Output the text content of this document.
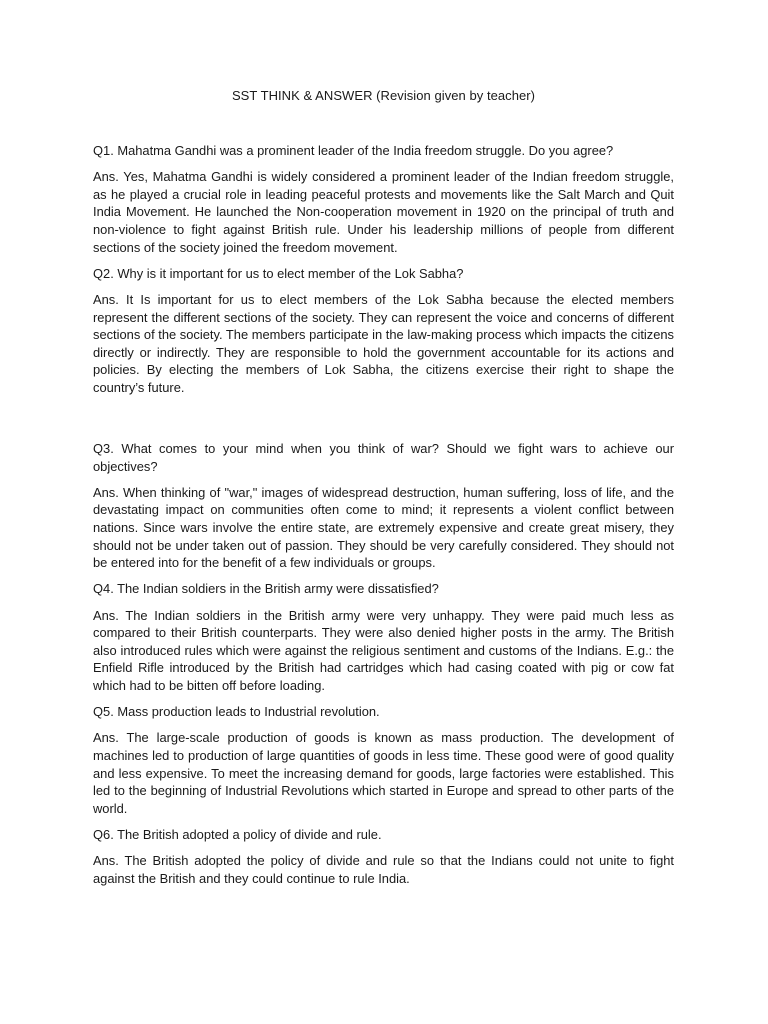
SST THINK & ANSWER (Revision given by teacher)

Q1. Mahatma Gandhi was a prominent leader of the India freedom struggle. Do you agree?

Ans. Yes, Mahatma Gandhi is widely considered a prominent leader of the Indian freedom struggle, as he played a crucial role in leading peaceful protests and movements like the Salt March and Quit India Movement. He launched the Non-cooperation movement in 1920 on the principal of truth and non-violence to fight against British rule. Under his leadership millions of people from different sections of the society joined the freedom movement.

Q2. Why is it important for us to elect member of the Lok Sabha?

Ans. It Is important for us to elect members of the Lok Sabha because the elected members represent the different sections of the society. They can represent the voice and concerns of different sections of the society. The members participate in the law-making process which impacts the citizens directly or indirectly. They are responsible to hold the government accountable for its actions and policies. By electing the members of Lok Sabha, the citizens exercise their right to shape the country’s future.

Q3. What comes to your mind when you think of war? Should we fight wars to achieve our objectives?

Ans. When thinking of "war," images of widespread destruction, human suffering, loss of life, and the devastating impact on communities often come to mind; it represents a violent conflict between nations. Since wars involve the entire state, are extremely expensive and create great misery, they should not be under taken out of passion. They should be very carefully considered. They should not be entered into for the benefit of a few individuals or groups.

Q4. The Indian soldiers in the British army were dissatisfied?

Ans. The Indian soldiers in the British army were very unhappy. They were paid much less as compared to their British counterparts. They were also denied higher posts in the army. The British also introduced rules which were against the religious sentiment and customs of the Indians. E.g.: the Enfield Rifle introduced by the British had cartridges which had casing coated with pig or cow fat which had to be bitten off before loading.

Q5. Mass production leads to Industrial revolution.

Ans. The large-scale production of goods is known as mass production. The development of machines led to production of large quantities of goods in less time. These good were of good quality and less expensive. To meet the increasing demand for goods, large factories were established. This led to the beginning of Industrial Revolutions which started in Europe and spread to other parts of the world.

Q6. The British adopted a policy of divide and rule.

Ans. The British adopted the policy of divide and rule so that the Indians could not unite to fight against the British and they could continue to rule India.
